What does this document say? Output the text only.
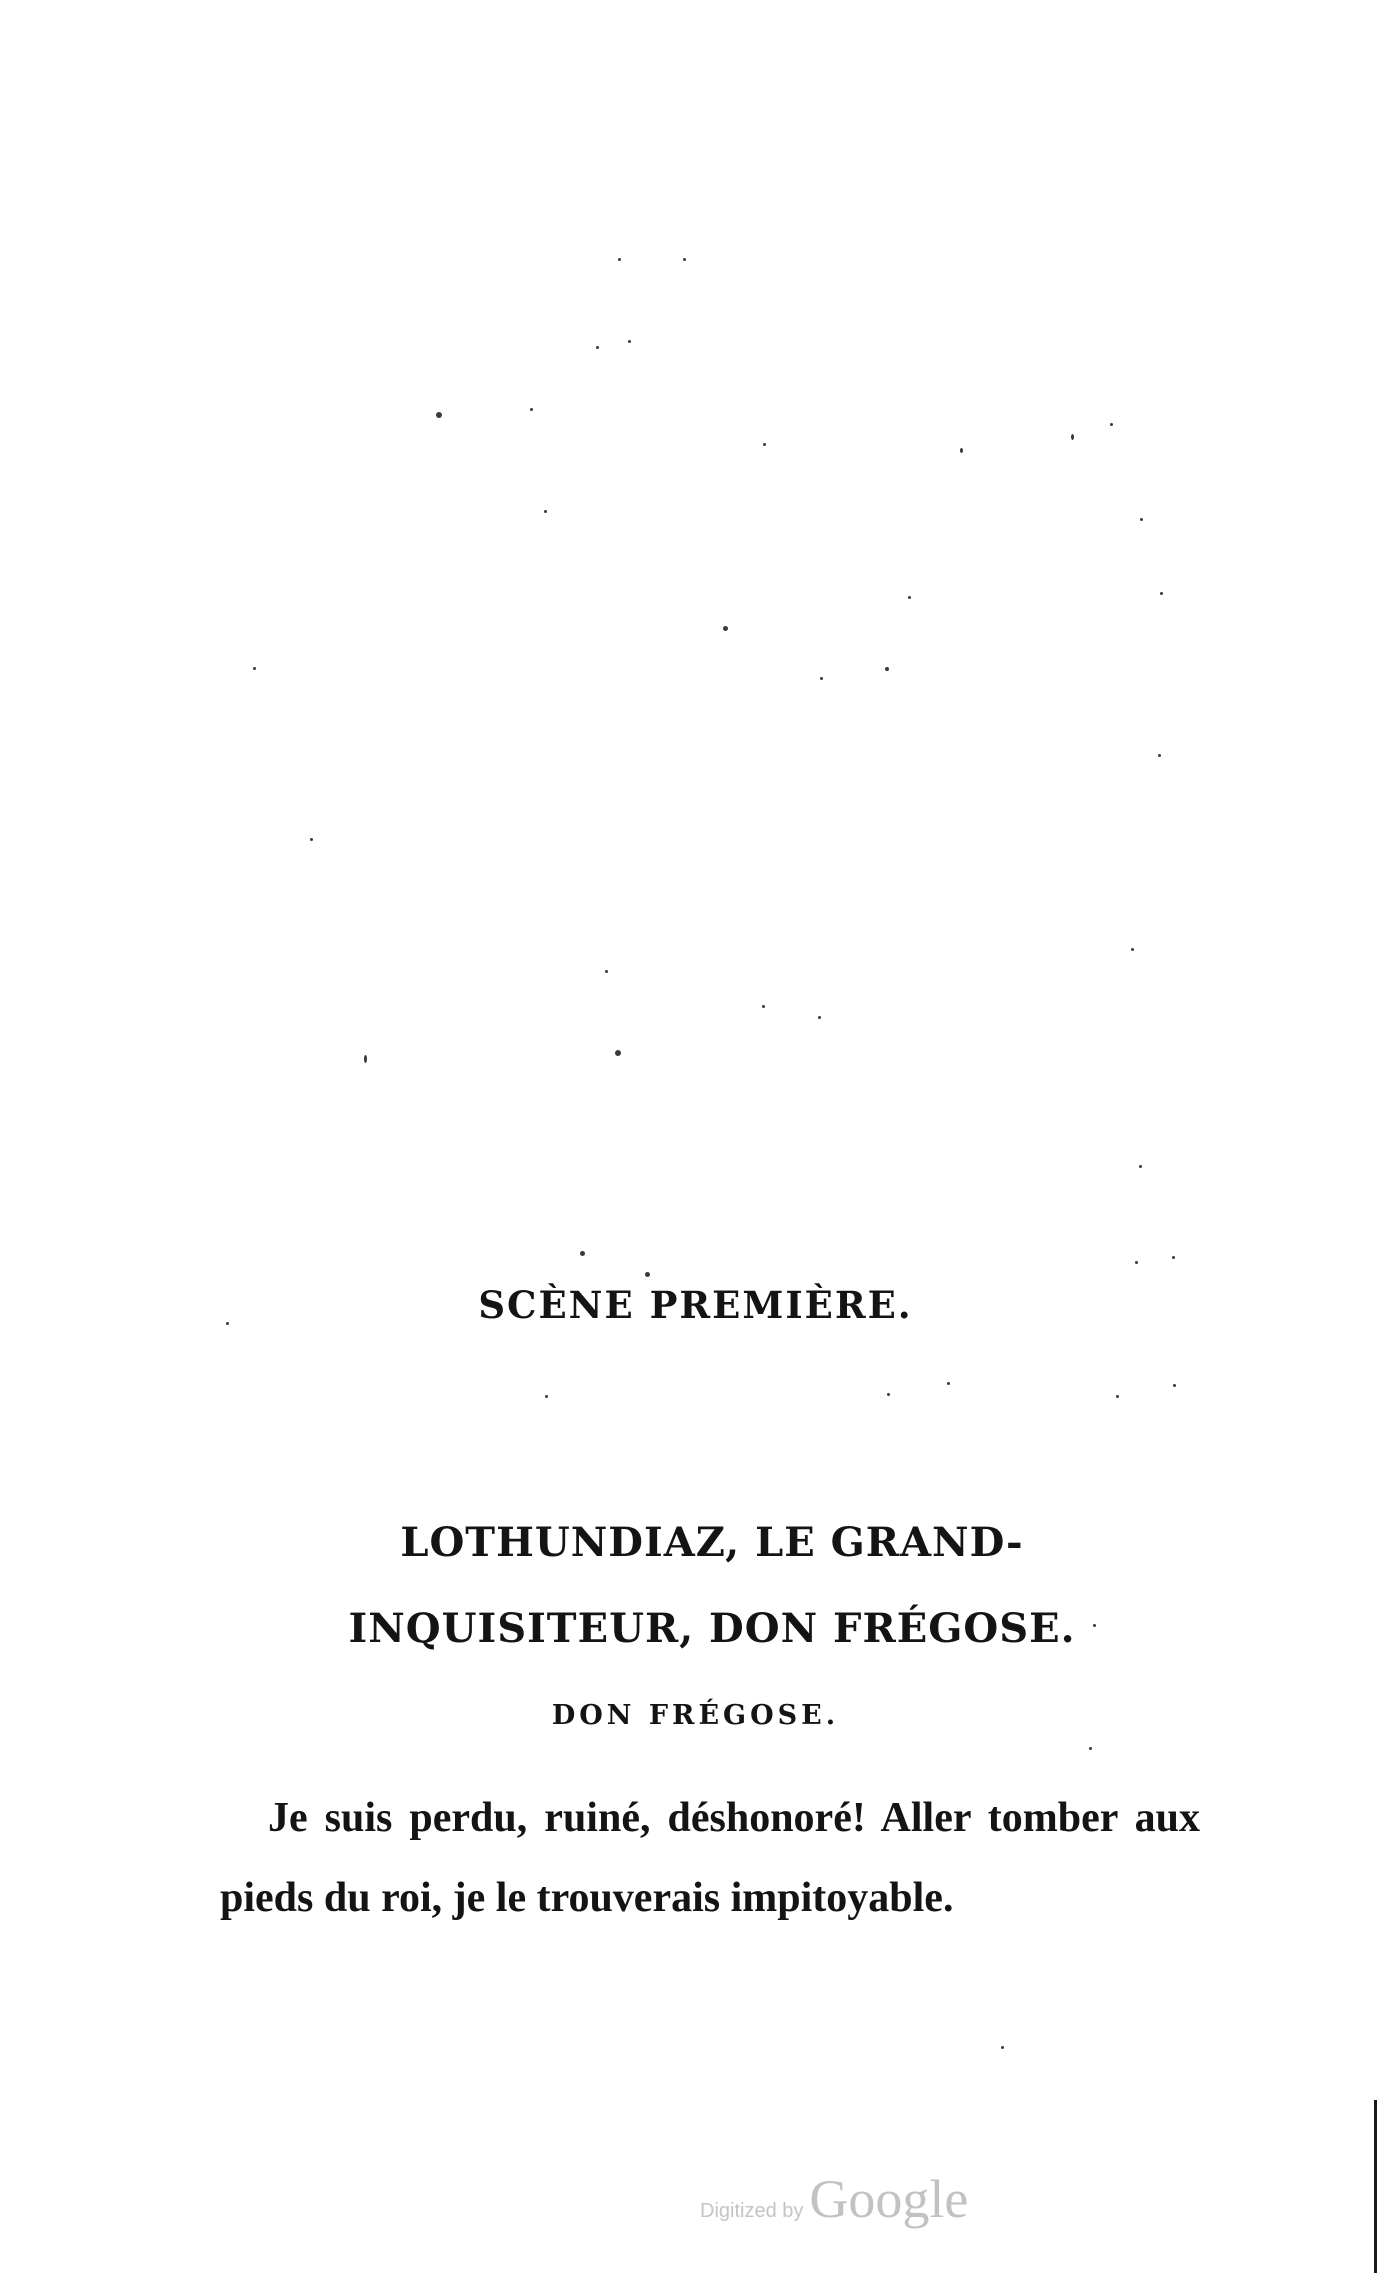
SCÈNE PREMIÈRE.
LOTHUNDIAZ, LE GRAND-INQUISITEUR, DON FRÉGOSE.
DON FRÉGOSE.

Je suis perdu, ruiné, déshonoré! Aller tomber aux pieds du roi, je le trouverais impitoyable.

Digitized by Google
